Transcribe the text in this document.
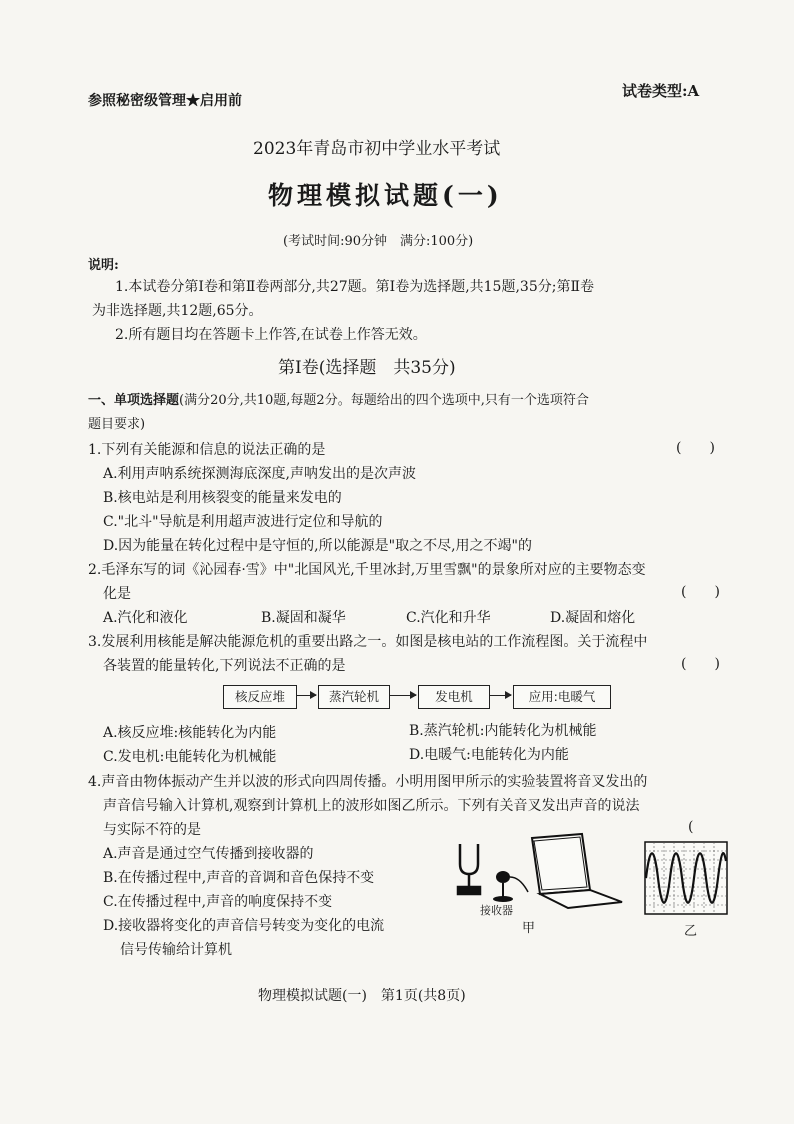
参照秘密级管理★启用前
试卷类型:A
2023年青岛市初中学业水平考试
物理模拟试题(一)
(考试时间:90分钟　满分:100分)
说明:
1.本试卷分第Ⅰ卷和第Ⅱ卷两部分,共27题。第Ⅰ卷为选择题,共15题,35分;第Ⅱ卷
为非选择题,共12题,65分。
2.所有题目均在答题卡上作答,在试卷上作答无效。
第Ⅰ卷(选择题　共35分)
一、单项选择题(满分20分,共10题,每题2分。每题给出的四个选项中,只有一个选项符合
题目要求)
1.下列有关能源和信息的说法正确的是	(　　)
A.利用声呐系统探测海底深度,声呐发出的是次声波
B.核电站是利用核裂变的能量来发电的
C."北斗"导航是利用超声波进行定位和导航的
D.因为能量在转化过程中是守恒的,所以能源是"取之不尽,用之不竭"的
2.毛泽东写的词《沁园春·雪》中"北国风光,千里冰封,万里雪飘"的景象所对应的主要物态变
化是	(　　)
A.汽化和液化	B.凝固和凝华	C.汽化和升华	D.凝固和熔化
3.发展利用核能是解决能源危机的重要出路之一。如图是核电站的工作流程图。关于流程中
各装置的能量转化,下列说法不正确的是	(　　)
核反应堆	蒸汽轮机	发电机	应用:电暖气
A.核反应堆:核能转化为内能	B.蒸汽轮机:内能转化为机械能
C.发电机:电能转化为机械能	D.电暖气:电能转化为内能
4.声音由物体振动产生并以波的形式向四周传播。小明用图甲所示的实验装置将音叉发出的
声音信号输入计算机,观察到计算机上的波形如图乙所示。下列有关音叉发出声音的说法
与实际不符的是	(
A.声音是通过空气传播到接收器的
B.在传播过程中,声音的音调和音色保持不变
C.在传播过程中,声音的响度保持不变
D.接收器将变化的声音信号转变为变化的电流
信号传输给计算机
接收器
甲	乙
物理模拟试题(一)　第1页(共8页)
